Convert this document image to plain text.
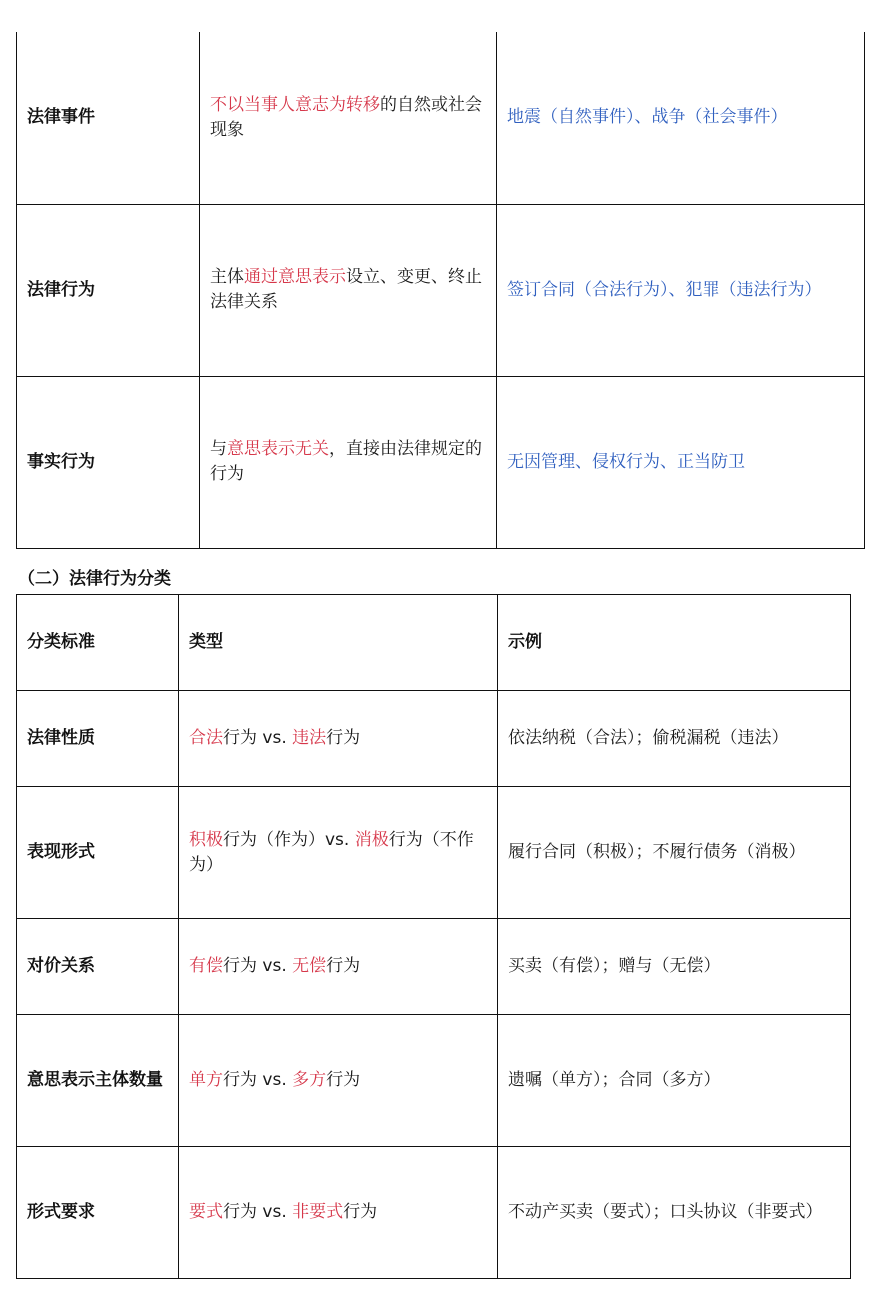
法律事件	不以当事人意志为转移的自然或社会现象	地震（自然事件）、战争（社会事件）
法律行为	主体通过意思表示设立、变更、终止法律关系	签订合同（合法行为）、犯罪（违法行为）
事实行为	与意思表示无关，直接由法律规定的行为	无因管理、侵权行为、正当防卫
（二）法律行为分类
分类标准	类型	示例
法律性质	合法行为 vs. 违法行为	依法纳税（合法）；偷税漏税（违法）
表现形式	积极行为（作为）vs. 消极行为（不作为）	履行合同（积极）；不履行债务（消极）
对价关系	有偿行为 vs. 无偿行为	买卖（有偿）；赠与（无偿）
意思表示主体数量	单方行为 vs. 多方行为	遗嘱（单方）；合同（多方）
形式要求	要式行为 vs. 非要式行为	不动产买卖（要式）；口头协议（非要式）
